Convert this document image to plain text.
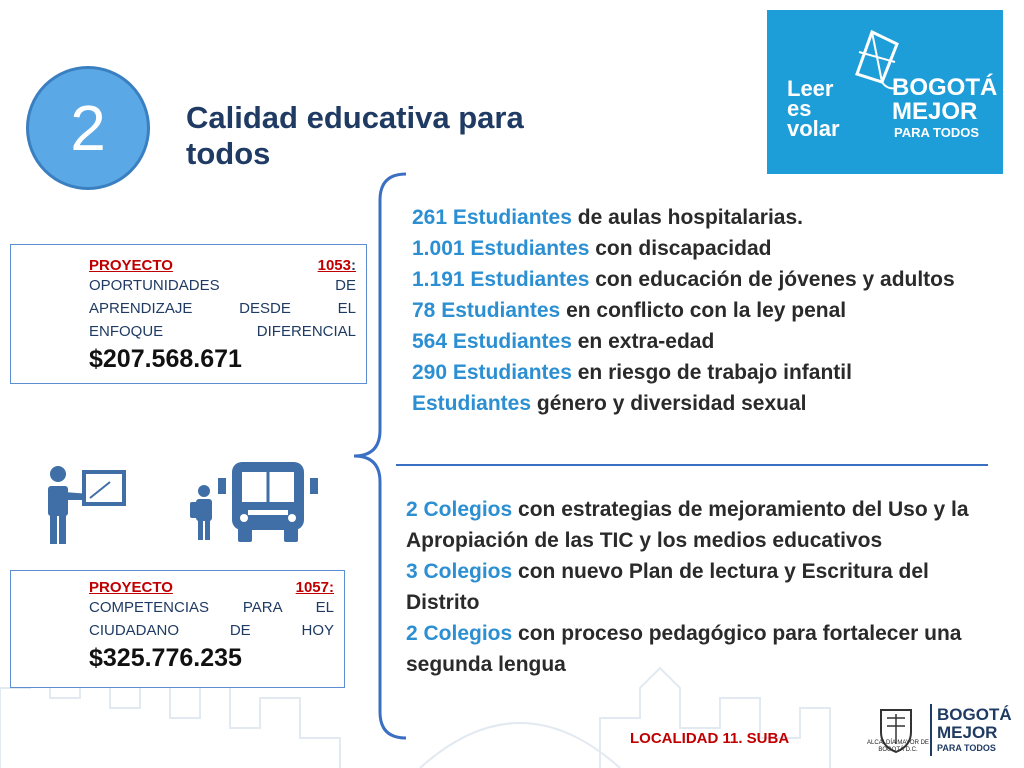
2	Calidad educativa para todos
Leer
es
volar
BOGOTÁ
MEJOR
PARA TODOS
PROYECTO	1053:
OPORTUNIDADES DE
APRENDIZAJE DESDE EL
ENFOQUE DIFERENCIAL
$207.568.671
PROYECTO	1057:
COMPETENCIAS PARA EL
CIUDADANO DE HOY
$325.776.235
261 Estudiantes de aulas hospitalarias.
1.001 Estudiantes con discapacidad
1.191 Estudiantes con educación de jóvenes y adultos
78 Estudiantes en conflicto con la ley penal
564 Estudiantes en extra-edad
290 Estudiantes en riesgo de trabajo infantil
Estudiantes género y diversidad sexual
2 Colegios con estrategias de mejoramiento del Uso y la Apropiación de las TIC y los medios educativos
3 Colegios con nuevo Plan de lectura y Escritura del Distrito
2 Colegios con proceso pedagógico para fortalecer una segunda lengua
LOCALIDAD 11. SUBA	ALCALDÍA MAYOR DE BOGOTÁ D.C.
BOGOTÁ
MEJOR
PARA TODOS
